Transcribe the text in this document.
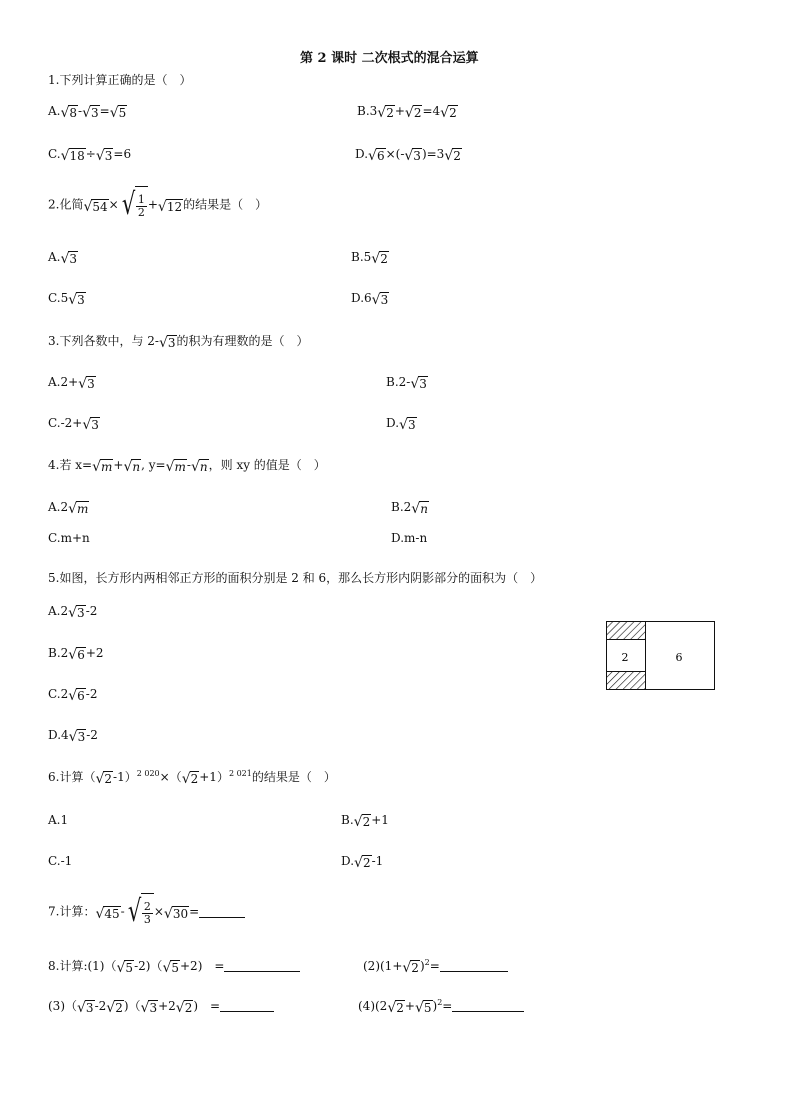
第 2 课时 二次根式的混合运算
1.下列计算正确的是（　）
A. √ 8 - √ 3 = √ 5	B.3 √ 2 + √ 2 =4 √ 2
C. √ 18 ÷ √ 3 =6	D. √ 6 ×(- √ 3 )=3 √ 2
2.化简 √ 54 × √ $\frac{1}{2}$ + √ 12 的结果是（　）
A. √ 3	B.5 √ 2
C.5 √ 3	D.6 √ 3
3.下列各数中，与 2- √ 3 的积为有理数的是（　）
A.2+ √ 3	B.2- √ 3
C.-2+ √ 3	D. √ 3
4.若 x= √ m + √ n , y= √ m - √ n ，则 xy 的值是（　）
A.2 √ m	B.2 √ n
C.m+n	D.m-n
5.如图，长方形内两相邻正方形的面积分别是 2 和 6，那么长方形内阴影部分的面积为（　）
A.2 √ 3 -2
B.2 √ 6 +2
C.2 √ 6 -2
D.4 √ 3 -2
2	6
6.计算（ √ 2 -1）$^{2 020}$×（ √ 2 +1）$^{2 021}$的结果是（　）
A.1	B. √ 2 +1
C.-1	D. √ 2 -1
7.计算： √ 45 - √ $\frac{2}{3}$ × √ 30 =
8.计算:(1)（ √ 5 -2)（ √ 5 +2)　=	(2)(1+ √ 2 )$^2$=
(3)（ √ 3 -2 √ 2 )（ √ 3 +2 √ 2 )　=	(4)(2 √ 2 + √ 5 )$^2$=
